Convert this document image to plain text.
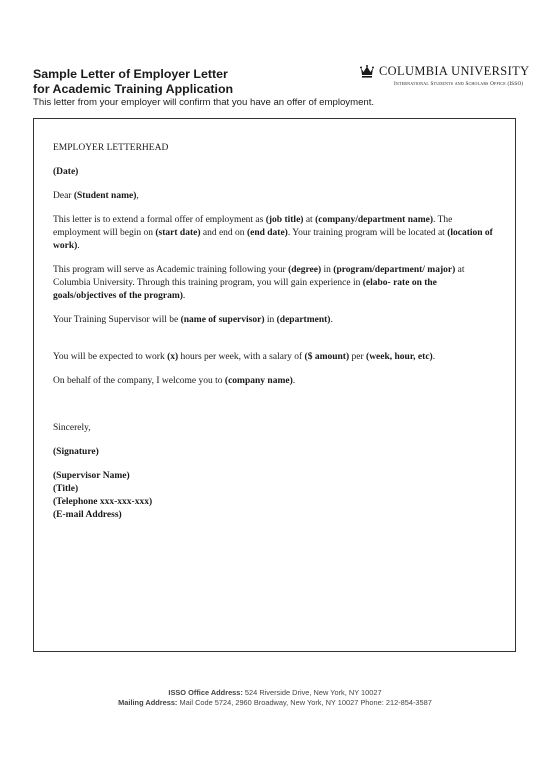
Sample Letter of Employer Letter
for Academic Training Application
This letter from your employer will confirm that you have an offer of employment.
COLUMBIA UNIVERSITY
International Students and Scholars Office (ISSO)

EMPLOYER LETTERHEAD

(Date)

Dear (Student name),

This letter is to extend a formal offer of employment as (job title) at (company/department name). The employment will begin on (start date) and end on (end date). Your training program will be located at (location of work).

This program will serve as Academic training following your (degree) in (program/department/ major) at Columbia University. Through this training program, you will gain experience in (elabo- rate on the goals/objectives of the program).

Your Training Supervisor will be (name of supervisor) in (department).

You will be expected to work (x) hours per week, with a salary of ($ amount) per (week, hour, etc).

On behalf of the company, I welcome you to (company name).

Sincerely,

(Signature)

(Supervisor Name)

(Title)

(Telephone xxx-xxx-xxx)

(E-mail Address)

ISSO Office Address: 524 Riverside Drive, New York, NY 10027
Mailing Address: Mail Code 5724, 2960 Broadway, New York, NY 10027 Phone: 212-854-3587
